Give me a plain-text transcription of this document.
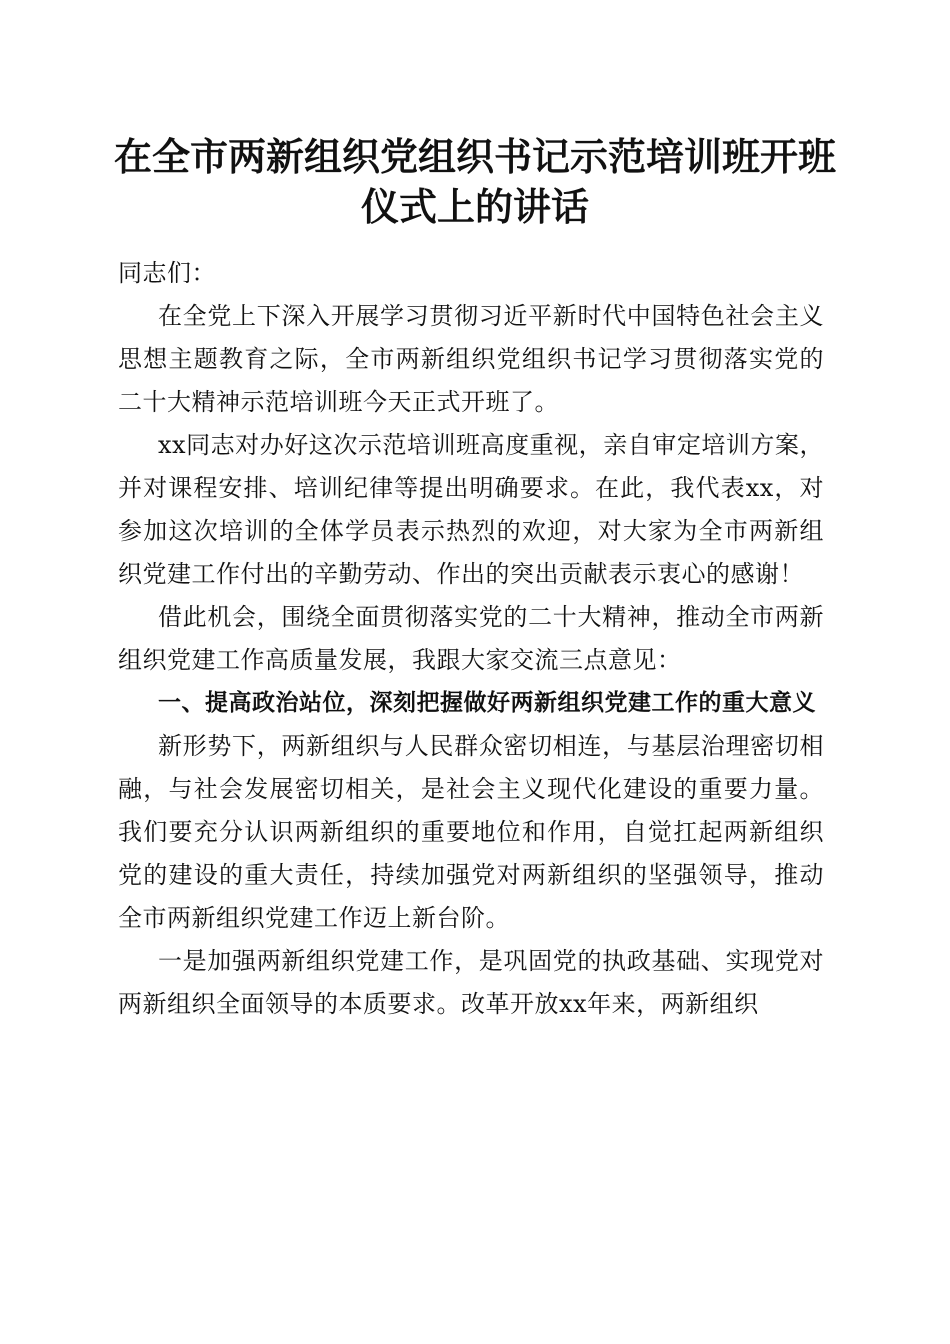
在全市两新组织党组织书记示范培训班开班仪式上的讲话

同志们：

在全党上下深入开展学习贯彻习近平新时代中国特色社会主义思想主题教育之际，全市两新组织党组织书记学习贯彻落实党的二十大精神示范培训班今天正式开班了。

xx同志对办好这次示范培训班高度重视，亲自审定培训方案，并对课程安排、培训纪律等提出明确要求。在此，我代表xx，对参加这次培训的全体学员表示热烈的欢迎，对大家为全市两新组织党建工作付出的辛勤劳动、作出的突出贡献表示衷心的感谢！

借此机会，围绕全面贯彻落实党的二十大精神，推动全市两新组织党建工作高质量发展，我跟大家交流三点意见：

一、提高政治站位，深刻把握做好两新组织党建工作的重大意义

新形势下，两新组织与人民群众密切相连，与基层治理密切相融，与社会发展密切相关，是社会主义现代化建设的重要力量。我们要充分认识两新组织的重要地位和作用，自觉扛起两新组织党的建设的重大责任，持续加强党对两新组织的坚强领导，推动全市两新组织党建工作迈上新台阶。

一是加强两新组织党建工作，是巩固党的执政基础、实现党对两新组织全面领导的本质要求。改革开放xx年来，两新组织
